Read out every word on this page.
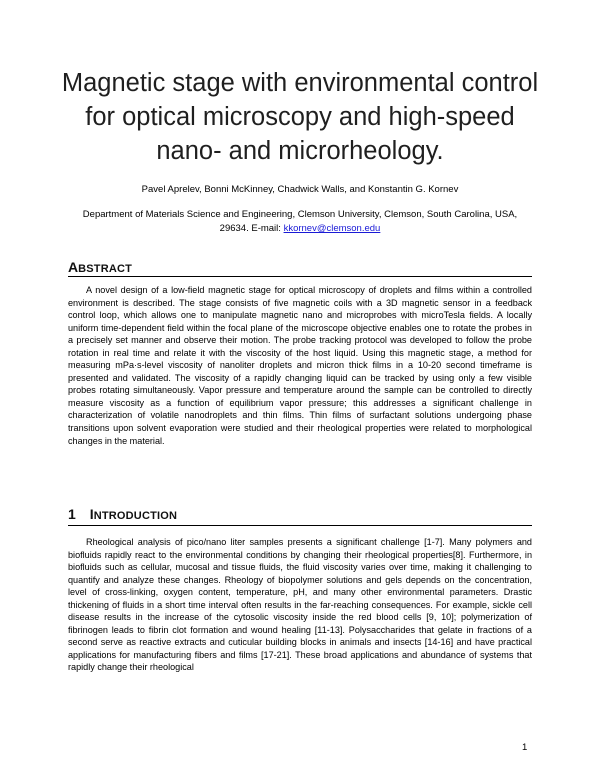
Magnetic stage with environmental control for optical microscopy and high-speed nano- and microrheology.
Pavel Aprelev, Bonni McKinney, Chadwick Walls, and Konstantin G. Kornev
Department of Materials Science and Engineering, Clemson University, Clemson, South Carolina, USA, 29634. E-mail: kkornev@clemson.edu
ABSTRACT

A novel design of a low-field magnetic stage for optical microscopy of droplets and films within a controlled environment is described. The stage consists of five magnetic coils with a 3D magnetic sensor in a feedback control loop, which allows one to manipulate magnetic nano and microprobes with microTesla fields. A locally uniform time-dependent field within the focal plane of the microscope objective enables one to rotate the probes in a precisely set manner and observe their motion. The probe tracking protocol was developed to follow the probe rotation in real time and relate it with the viscosity of the host liquid. Using this magnetic stage, a method for measuring mPa·s-level viscosity of nanoliter droplets and micron thick films in a 10-20 second timeframe is presented and validated. The viscosity of a rapidly changing liquid can be tracked by using only a few visible probes rotating simultaneously. Vapor pressure and temperature around the sample can be controlled to directly measure viscosity as a function of equilibrium vapor pressure; this addresses a significant challenge in characterization of volatile nanodroplets and thin films. Thin films of surfactant solutions undergoing phase transitions upon solvent evaporation were studied and their rheological properties were related to morphological changes in the material.

1 INTRODUCTION

Rheological analysis of pico/nano liter samples presents a significant challenge [1-7]. Many polymers and biofluids rapidly react to the environmental conditions by changing their rheological properties[8]. Furthermore, in biofluids such as cellular, mucosal and tissue fluids, the fluid viscosity varies over time, making it challenging to quantify and analyze these changes. Rheology of biopolymer solutions and gels depends on the concentration, level of cross-linking, oxygen content, temperature, pH, and many other environmental parameters. Drastic thickening of fluids in a short time interval often results in the far-reaching consequences. For example, sickle cell disease results in the increase of the cytosolic viscosity inside the red blood cells [9, 10]; polymerization of fibrinogen leads to fibrin clot formation and wound healing [11-13]. Polysaccharides that gelate in fractions of a second serve as reactive extracts and cuticular building blocks in animals and insects [14-16] and have practical applications for manufacturing fibers and films [17-21]. These broad applications and abundance of systems that rapidly change their rheological

1
